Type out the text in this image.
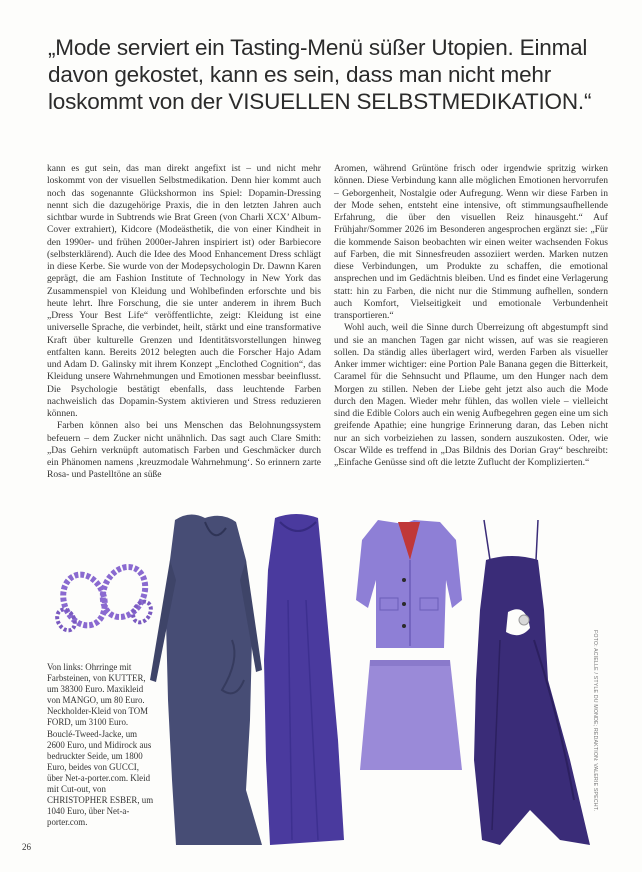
„Mode serviert ein Tasting-Menü süßer Utopien. Einmal davon gekostet, kann es sein, dass man nicht mehr loskommt von der VISUELLEN SELBSTMEDIKATION.“

kann es gut sein, das man direkt angefixt ist – und nicht mehr loskommt von der visuellen Selbstmedikation. Denn hier kommt auch noch das sogenannte Glückshormon ins Spiel: Dopamin-Dressing nennt sich die dazugehörige Praxis, die in den letzten Jahren auch sichtbar wurde in Subtrends wie Brat Green (von Charli XCX’ Album-Cover extrahiert), Kidcore (Modeästhetik, die von einer Kindheit in den 1990er- und frühen 2000er-Jahren inspiriert ist) oder Barbiecore (selbsterklärend). Auch die Idee des Mood Enhancement Dress schlägt in diese Kerbe. Sie wurde von der Modepsychologin Dr. Dawnn Karen geprägt, die am Fashion Institute of Technology in New York das Zusammenspiel von Kleidung und Wohlbefinden erforschte und bis heute lehrt. Ihre Forschung, die sie unter anderem in ihrem Buch „Dress Your Best Life“ veröffentlichte, zeigt: Kleidung ist eine universelle Sprache, die verbindet, heilt, stärkt und eine transformative Kraft über kulturelle Grenzen und Identitätsvorstellungen hinweg entfalten kann. Bereits 2012 belegten auch die Forscher Hajo Adam und Adam D. Galinsky mit ihrem Konzept „Enclothed Cognition“, das Kleidung unsere Wahrnehmungen und Emotionen messbar beeinflusst. Die Psychologie bestätigt ebenfalls, dass leuchtende Farben nachweislich das Dopamin-System aktivieren und Stress reduzieren können.

Farben können also bei uns Menschen das Belohnungssystem befeuern – dem Zucker nicht unähnlich. Das sagt auch Clare Smith: „Das Gehirn verknüpft automatisch Farben und Geschmäcker durch ein Phänomen namens ‚kreuzmodale Wahrnehmung‘. So erinnern zarte Rosa- und Pastelltöne an süße

Aromen, während Grüntöne frisch oder irgendwie spritzig wirken können. Diese Verbindung kann alle möglichen Emotionen hervorrufen – Geborgenheit, Nostalgie oder Aufregung. Wenn wir diese Farben in der Mode sehen, entsteht eine intensive, oft stimmungsaufhellende Erfahrung, die über den visuellen Reiz hinausgeht.“ Auf Frühjahr/Sommer 2026 im Besonderen angesprochen ergänzt sie: „Für die kommende Saison beobachten wir einen weiter wachsenden Fokus auf Farben, die mit Sinnesfreuden assoziiert werden. Marken nutzen diese Verbindungen, um Produkte zu schaffen, die emotional ansprechen und im Gedächtnis bleiben. Und es findet eine Verlagerung statt: hin zu Farben, die nicht nur die Stimmung aufhellen, sondern auch Komfort, Vielseitigkeit und emotionale Verbundenheit transportieren.“

Wohl auch, weil die Sinne durch Überreizung oft abgestumpft sind und sie an manchen Tagen gar nicht wissen, auf was sie reagieren sollen. Da ständig alles überlagert wird, werden Farben als visueller Anker immer wichtiger: eine Portion Pale Banana gegen die Bitterkeit, Caramel für die Sehnsucht und Pflaume, um den Hunger nach dem Morgen zu stillen. Neben der Liebe geht jetzt also auch die Mode durch den Magen. Wieder mehr fühlen, das wollen viele – vielleicht sind die Edible Colors auch ein wenig Aufbegehren gegen eine um sich greifende Apathie; eine hungrige Erinnerung daran, das Leben nicht nur an sich vorbeiziehen zu lassen, sondern auszukosten. Oder, wie Oscar Wilde es treffend in „Das Bildnis des Dorian Gray“ beschreibt: „Einfache Genüsse sind oft die letzte Zuflucht der Komplizierten.“

Von links: Ohrringe mit Farbsteinen, von KUTTER, um 38300 Euro. Maxikleid von MANGO, um 80 Euro. Neckholder-Kleid von TOM FORD, um 3100 Euro. Bouclé-Tweed-Jacke, um 2600 Euro, und Midirock aus bedruckter Seide, um 1800 Euro, beides von GUCCI, über Net-a-porter.com. Kleid mit Cut-out, von CHRISTOPHER ESBER, um 1040 Euro, über Net-a-porter.com.
FOTO: ACIELLE / STYLE DU MONDE; REDAKTION: VALERIE SPECHT.
26
